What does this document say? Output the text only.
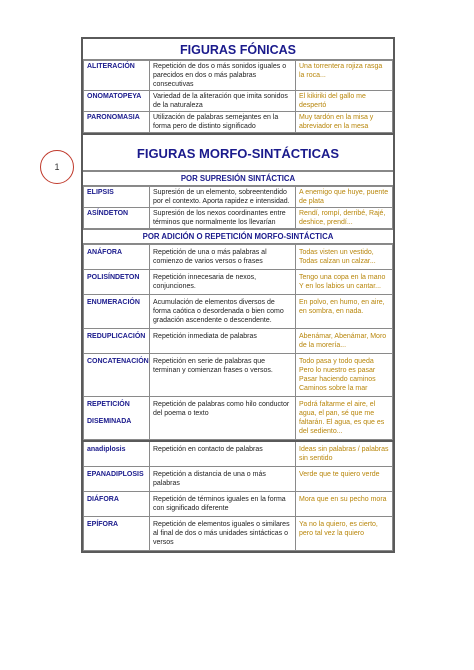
1
FIGURAS FÓNICAS
ALITERACIÓN	Repetición de dos o más sonidos iguales o parecidos en dos o más palabras consecutivas	Una torrentera rojiza rasga la roca...
ONOMATOPEYA	Variedad de la aliteración que imita sonidos de la naturaleza	El kikiriki del gallo me despertó
PARONOMASIA	Utilización de palabras semejantes en la forma pero de distinto significado	Muy tardón en la misa y abreviador en la mesa
FIGURAS MORFO-SINTÁCTICAS
POR SUPRESIÓN SINTÁCTICA
ELIPSIS	Supresión de un elemento, sobreentendido por el contexto. Aporta rapidez e intensidad.	A enemigo que huye, puente de plata
ASÍNDETON	Supresión de los nexos coordinantes entre términos que normalmente los llevarían	Rendí, rompí, derribé, Rajé, deshice, prendí...
POR ADICIÓN O REPETICIÓN MORFO-SINTÁCTICA
ANÁFORA	Repetición de una o más palabras al comienzo de varios versos o frases	Todas visten un vestido, Todas calzan un calzar...
POLISÍNDETON	Repetición innecesaria de nexos, conjunciones.	Tengo una copa en la mano Y en los labios un cantar...
ENUMERACIÓN	Acumulación de elementos diversos de forma caótica o desordenada o bien como gradación ascendente o descendente.	En polvo, en humo, en aire, en sombra, en nada.
REDUPLICACIÓN	Repetición inmediata de palabras	Abenámar, Abenámar, Moro de la morería...
CONCATENACIÓN	Repetición en serie de palabras que terminan y comienzan frases o versos.	Todo pasa y todo queda Pero lo nuestro es pasar Pasar haciendo caminos Caminos sobre la mar

REPETICIÓN
DISEMINADA	Repetición de palabras como hilo conductor del poema o texto	Podrá faltarme el aire, el agua, el pan, sé que me faltarán. El agua, es que es del sediento...
anadiplosis	Repetición en contacto de palabras	Ideas sin palabras / palabras sin sentido
EPANADIPLOSIS	Repetición a distancia de una o más palabras	Verde que te quiero verde
DIÁFORA	Repetición de términos iguales en la forma con significado diferente	Mora que en su pecho mora
EPÍFORA	Repetición de elementos iguales o similares al final de dos o más unidades sintácticas o versos	Ya no la quiero, es cierto, pero tal vez la quiero
